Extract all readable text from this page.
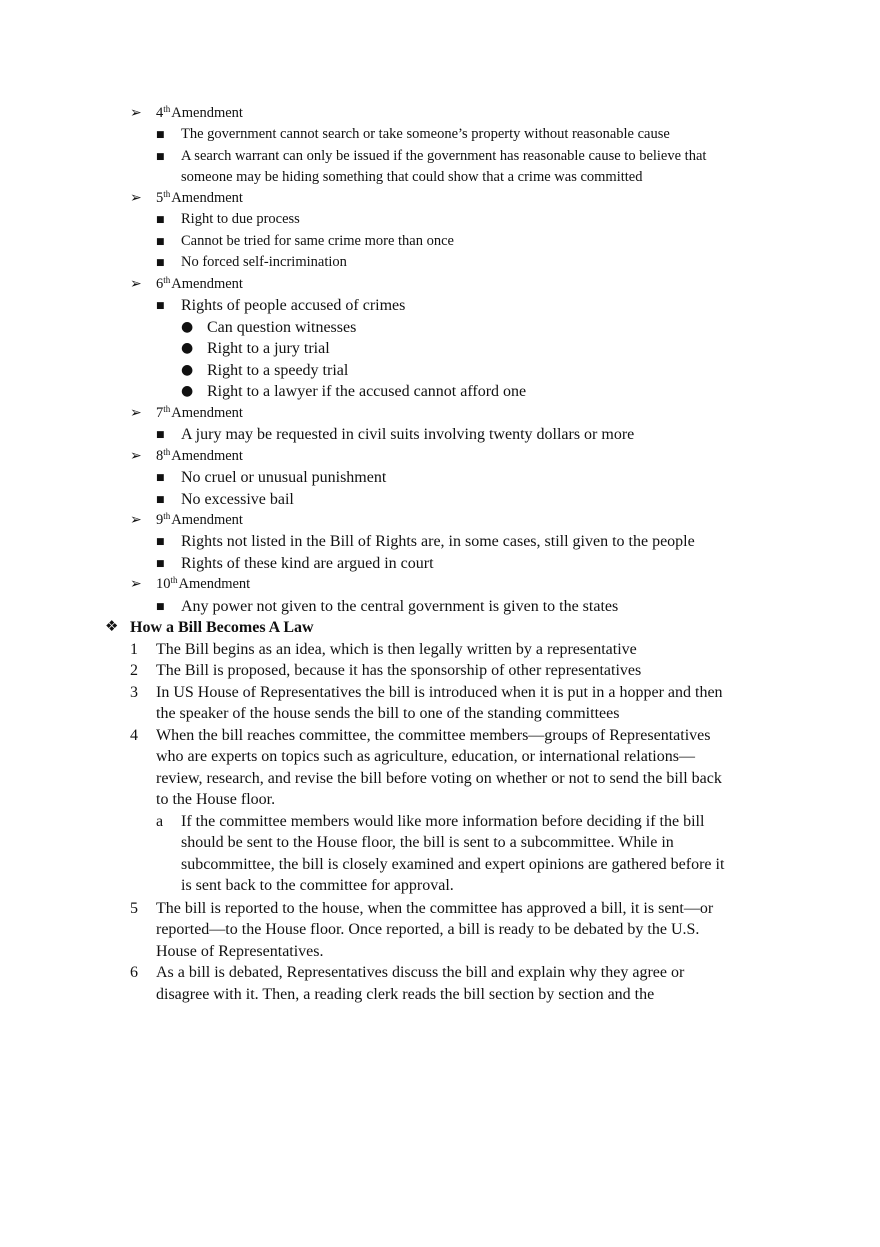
➢ 4thAmendment
■ The government cannot search or take someone’s property without reasonable cause
■ A search warrant can only be issued if the government has reasonable cause to believe that
someone may be hiding something that could show that a crime was committed
➢ 5thAmendment
■ Right to due process
■ Cannot be tried for same crime more than once
■ No forced self-incrimination
➢ 6thAmendment
■ Rights of people accused of crimes
● Can question witnesses
● Right to a jury trial
● Right to a speedy trial
● Right to a lawyer if the accused cannot afford one
➢ 7thAmendment
■ A jury may be requested in civil suits involving twenty dollars or more
➢ 8thAmendment
■ No cruel or unusual punishment
■ No excessive bail
➢ 9thAmendment
■ Rights not listed in the Bill of Rights are, in some cases, still given to the people
■ Rights of these kind are argued in court
➢ 10thAmendment
■ Any power not given to the central government is given to the states
❖ How a Bill Becomes A Law
1 The Bill begins as an idea, which is then legally written by a representative
2 The Bill is proposed, because it has the sponsorship of other representatives
3 In US House of Representatives the bill is introduced when it is put in a hopper and then
the speaker of the house sends the bill to one of the standing committees
4 When the bill reaches committee, the committee members—groups of Representatives
who are experts on topics such as agriculture, education, or international relations—
review, research, and revise the bill before voting on whether or not to send the bill back
to the House floor.
a If the committee members would like more information before deciding if the bill
should be sent to the House floor, the bill is sent to a subcommittee. While in
subcommittee, the bill is closely examined and expert opinions are gathered before it
is sent back to the committee for approval.
5 The bill is reported to the house, when the committee has approved a bill, it is sent—or
reported—to the House floor. Once reported, a bill is ready to be debated by the U.S.
House of Representatives.
6 As a bill is debated, Representatives discuss the bill and explain why they agree or
disagree with it. Then, a reading clerk reads the bill section by section and the
